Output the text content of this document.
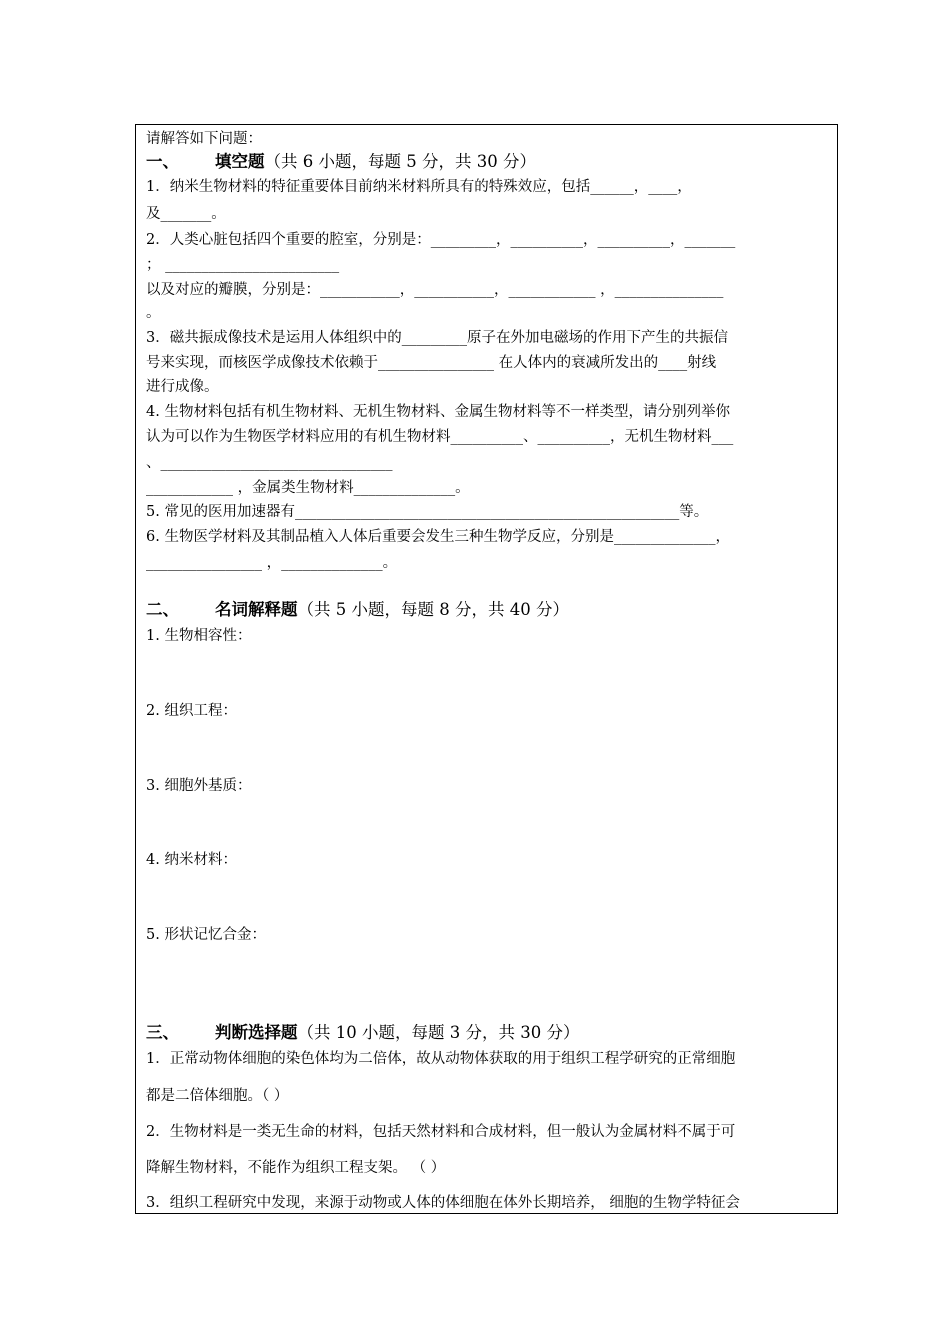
请解答如下问题：
一、 填空题（共 6 小题，每题 5 分，共 30 分）
1．纳米生物材料的特征重要体目前纳米材料所具有的特殊效应，包括______，____，
及_______。
2．人类心脏包括四个重要的腔室，分别是：_________，__________，__________，_______
； ________________________
以及对应的瓣膜，分别是：___________，___________，____________ ，_______________
。
3．磁共振成像技术是运用人体组织中的_________原子在外加电磁场的作用下产生的共振信
号来实现，而核医学成像技术依赖于________________ 在人体内的衰减所发出的____射线
进行成像。
4. 生物材料包括有机生物材料、无机生物材料、金属生物材料等不一样类型，请分别列举你
认为可以作为生物医学材料应用的有机生物材料__________、__________，无机生物材料___
、________________________________
____________ ，金属类生物材料______________。
5. 常见的医用加速器有_____________________________________________________等。
6. 生物医学材料及其制品植入人体后重要会发生三种生物学反应，分别是______________，
________________ ，______________。
二、 名词解释题（共 5 小题，每题 8 分，共 40 分）
1. 生物相容性：
2. 组织工程：
3. 细胞外基质：
4. 纳米材料：
5. 形状记忆合金：
三、 判断选择题（共 10 小题，每题 3 分，共 30 分）
1．正常动物体细胞的染色体均为二倍体，故从动物体获取的用于组织工程学研究的正常细胞
都是二倍体细胞。（ ）
2．生物材料是一类无生命的材料，包括天然材料和合成材料，但一般认为金属材料不属于可
降解生物材料，不能作为组织工程支架。 （ ）
3．组织工程研究中发现，来源于动物或人体的体细胞在体外长期培养， 细胞的生物学特征会
